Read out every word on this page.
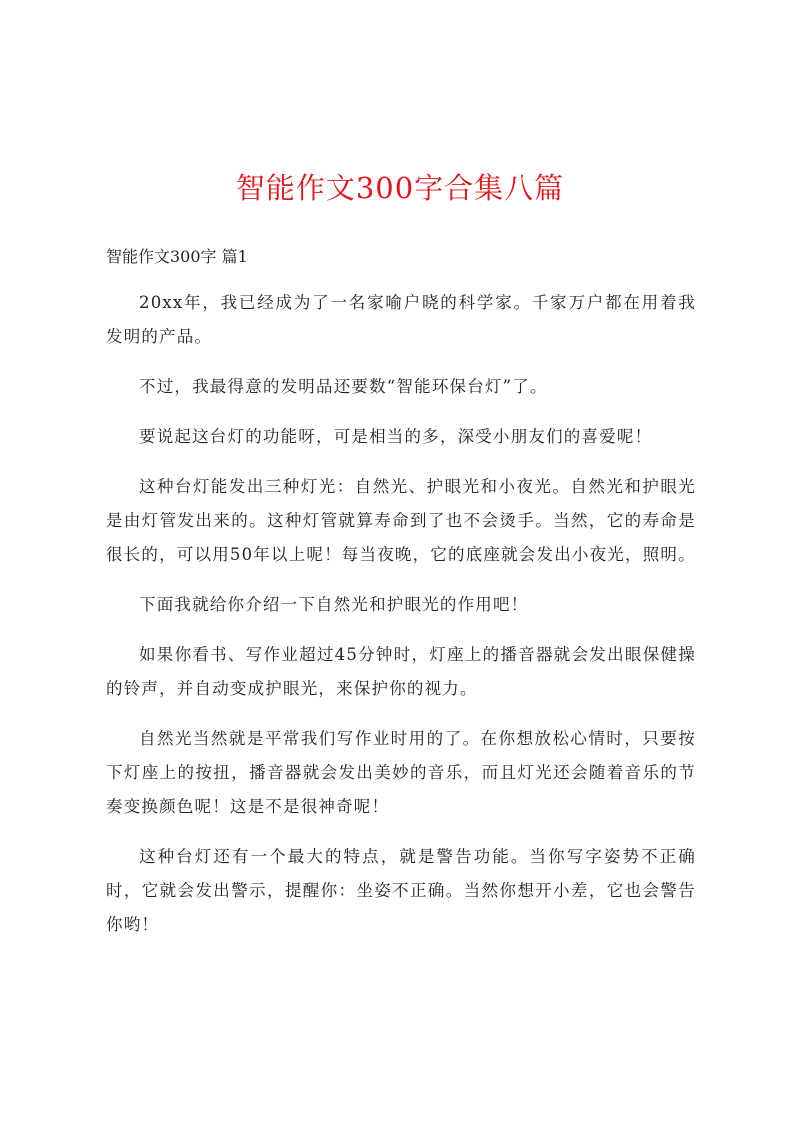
智能作文300字合集八篇
智能作文300字 篇1

20xx年，我已经成为了一名家喻户晓的科学家。千家万户都在用着我发明的产品。

不过，我最得意的发明品还要数“智能环保台灯”了。

要说起这台灯的功能呀，可是相当的多，深受小朋友们的喜爱呢！

这种台灯能发出三种灯光：自然光、护眼光和小夜光。自然光和护眼光是由灯管发出来的。这种灯管就算寿命到了也不会烫手。当然，它的寿命是很长的，可以用50年以上呢！每当夜晚，它的底座就会发出小夜光，照明。

下面我就给你介绍一下自然光和护眼光的作用吧！

如果你看书、写作业超过45分钟时，灯座上的播音器就会发出眼保健操的铃声，并自动变成护眼光，来保护你的视力。

自然光当然就是平常我们写作业时用的了。在你想放松心情时，只要按下灯座上的按扭，播音器就会发出美妙的音乐，而且灯光还会随着音乐的节奏变换颜色呢！这是不是很神奇呢！

这种台灯还有一个最大的特点，就是警告功能。当你写字姿势不正确时，它就会发出警示，提醒你：坐姿不正确。当然你想开小差，它也会警告你哟！
